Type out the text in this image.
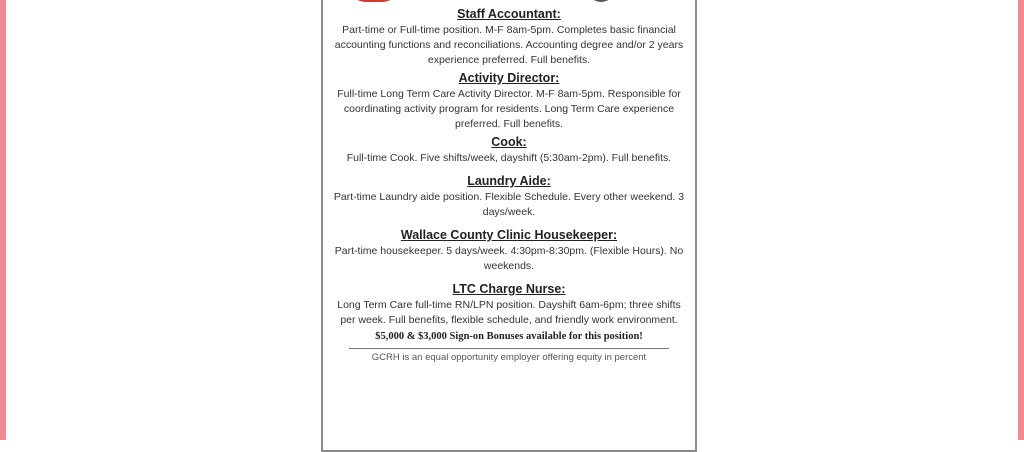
Staff Accountant:
Part-time or Full-time position. M-F 8am-5pm. Completes basic financial accounting functions and reconciliations. Accounting degree and/or 2 years experience preferred. Full benefits.
Activity Director:
Full-time Long Term Care Activity Director. M-F 8am-5pm. Responsible for coordinating activity program for residents. Long Term Care experience preferred. Full benefits.
Cook:
Full-time Cook. Five shifts/week, dayshift (5:30am-2pm). Full benefits.
Laundry Aide:
Part-time Laundry aide position. Flexible Schedule. Every other weekend. 3 days/week.
Wallace County Clinic Housekeeper:
Part-time housekeeper. 5 days/week. 4:30pm-8:30pm. (Flexible Hours). No weekends.
LTC Charge Nurse:
Long Term Care full-time RN/LPN position. Dayshift 6am-6pm; three shifts per week. Full benefits, flexible schedule, and friendly work environment.
$5,000 & $3,000 Sign-on Bonuses available for this position!
GCRH is an equal opportunity employer offering equity in percent
